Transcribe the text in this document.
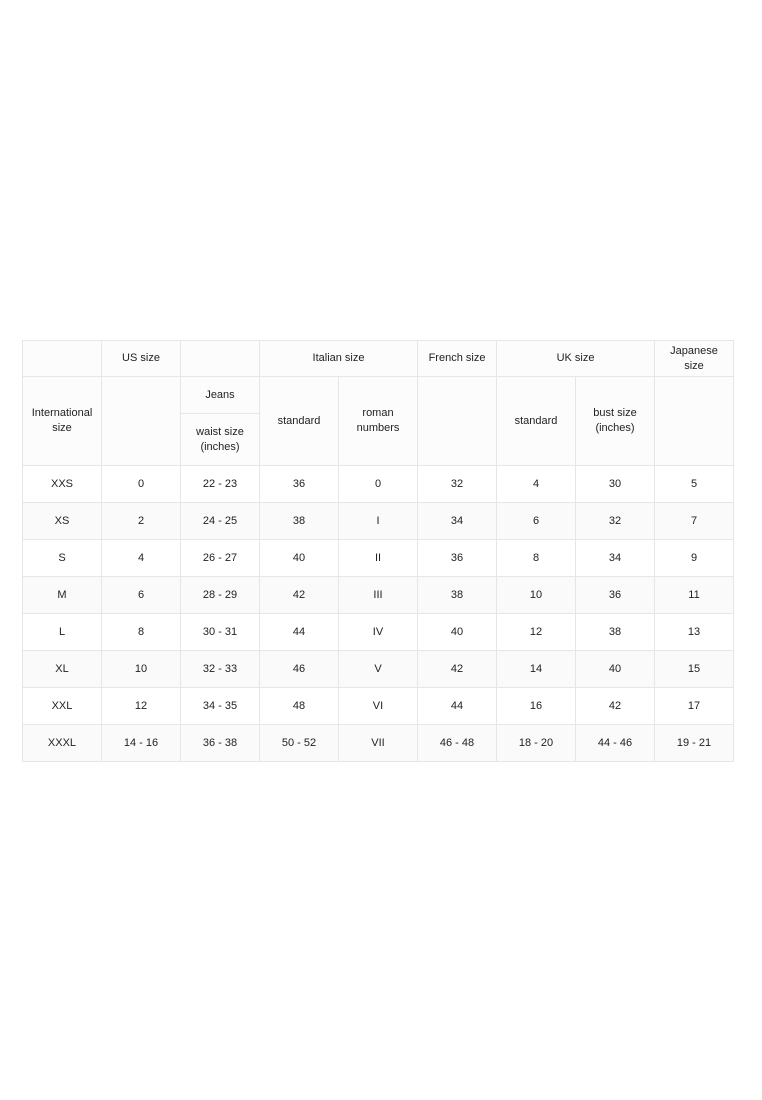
	US size		Italian size		French size	UK size		Japanese size
International size		Jeans	standard	roman numbers		standard	bust size (inches)	
		waist size (inches)						
XXS	0	22 - 23	36	0	32	4	30	5
XS	2	24 - 25	38	I	34	6	32	7
S	4	26 - 27	40	II	36	8	34	9
M	6	28 - 29	42	III	38	10	36	11
L	8	30 - 31	44	IV	40	12	38	13
XL	10	32 - 33	46	V	42	14	40	15
XXL	12	34 - 35	48	VI	44	16	42	17
XXXL	14 - 16	36 - 38	50 - 52	VII	46 - 48	18 - 20	44 - 46	19 - 21
